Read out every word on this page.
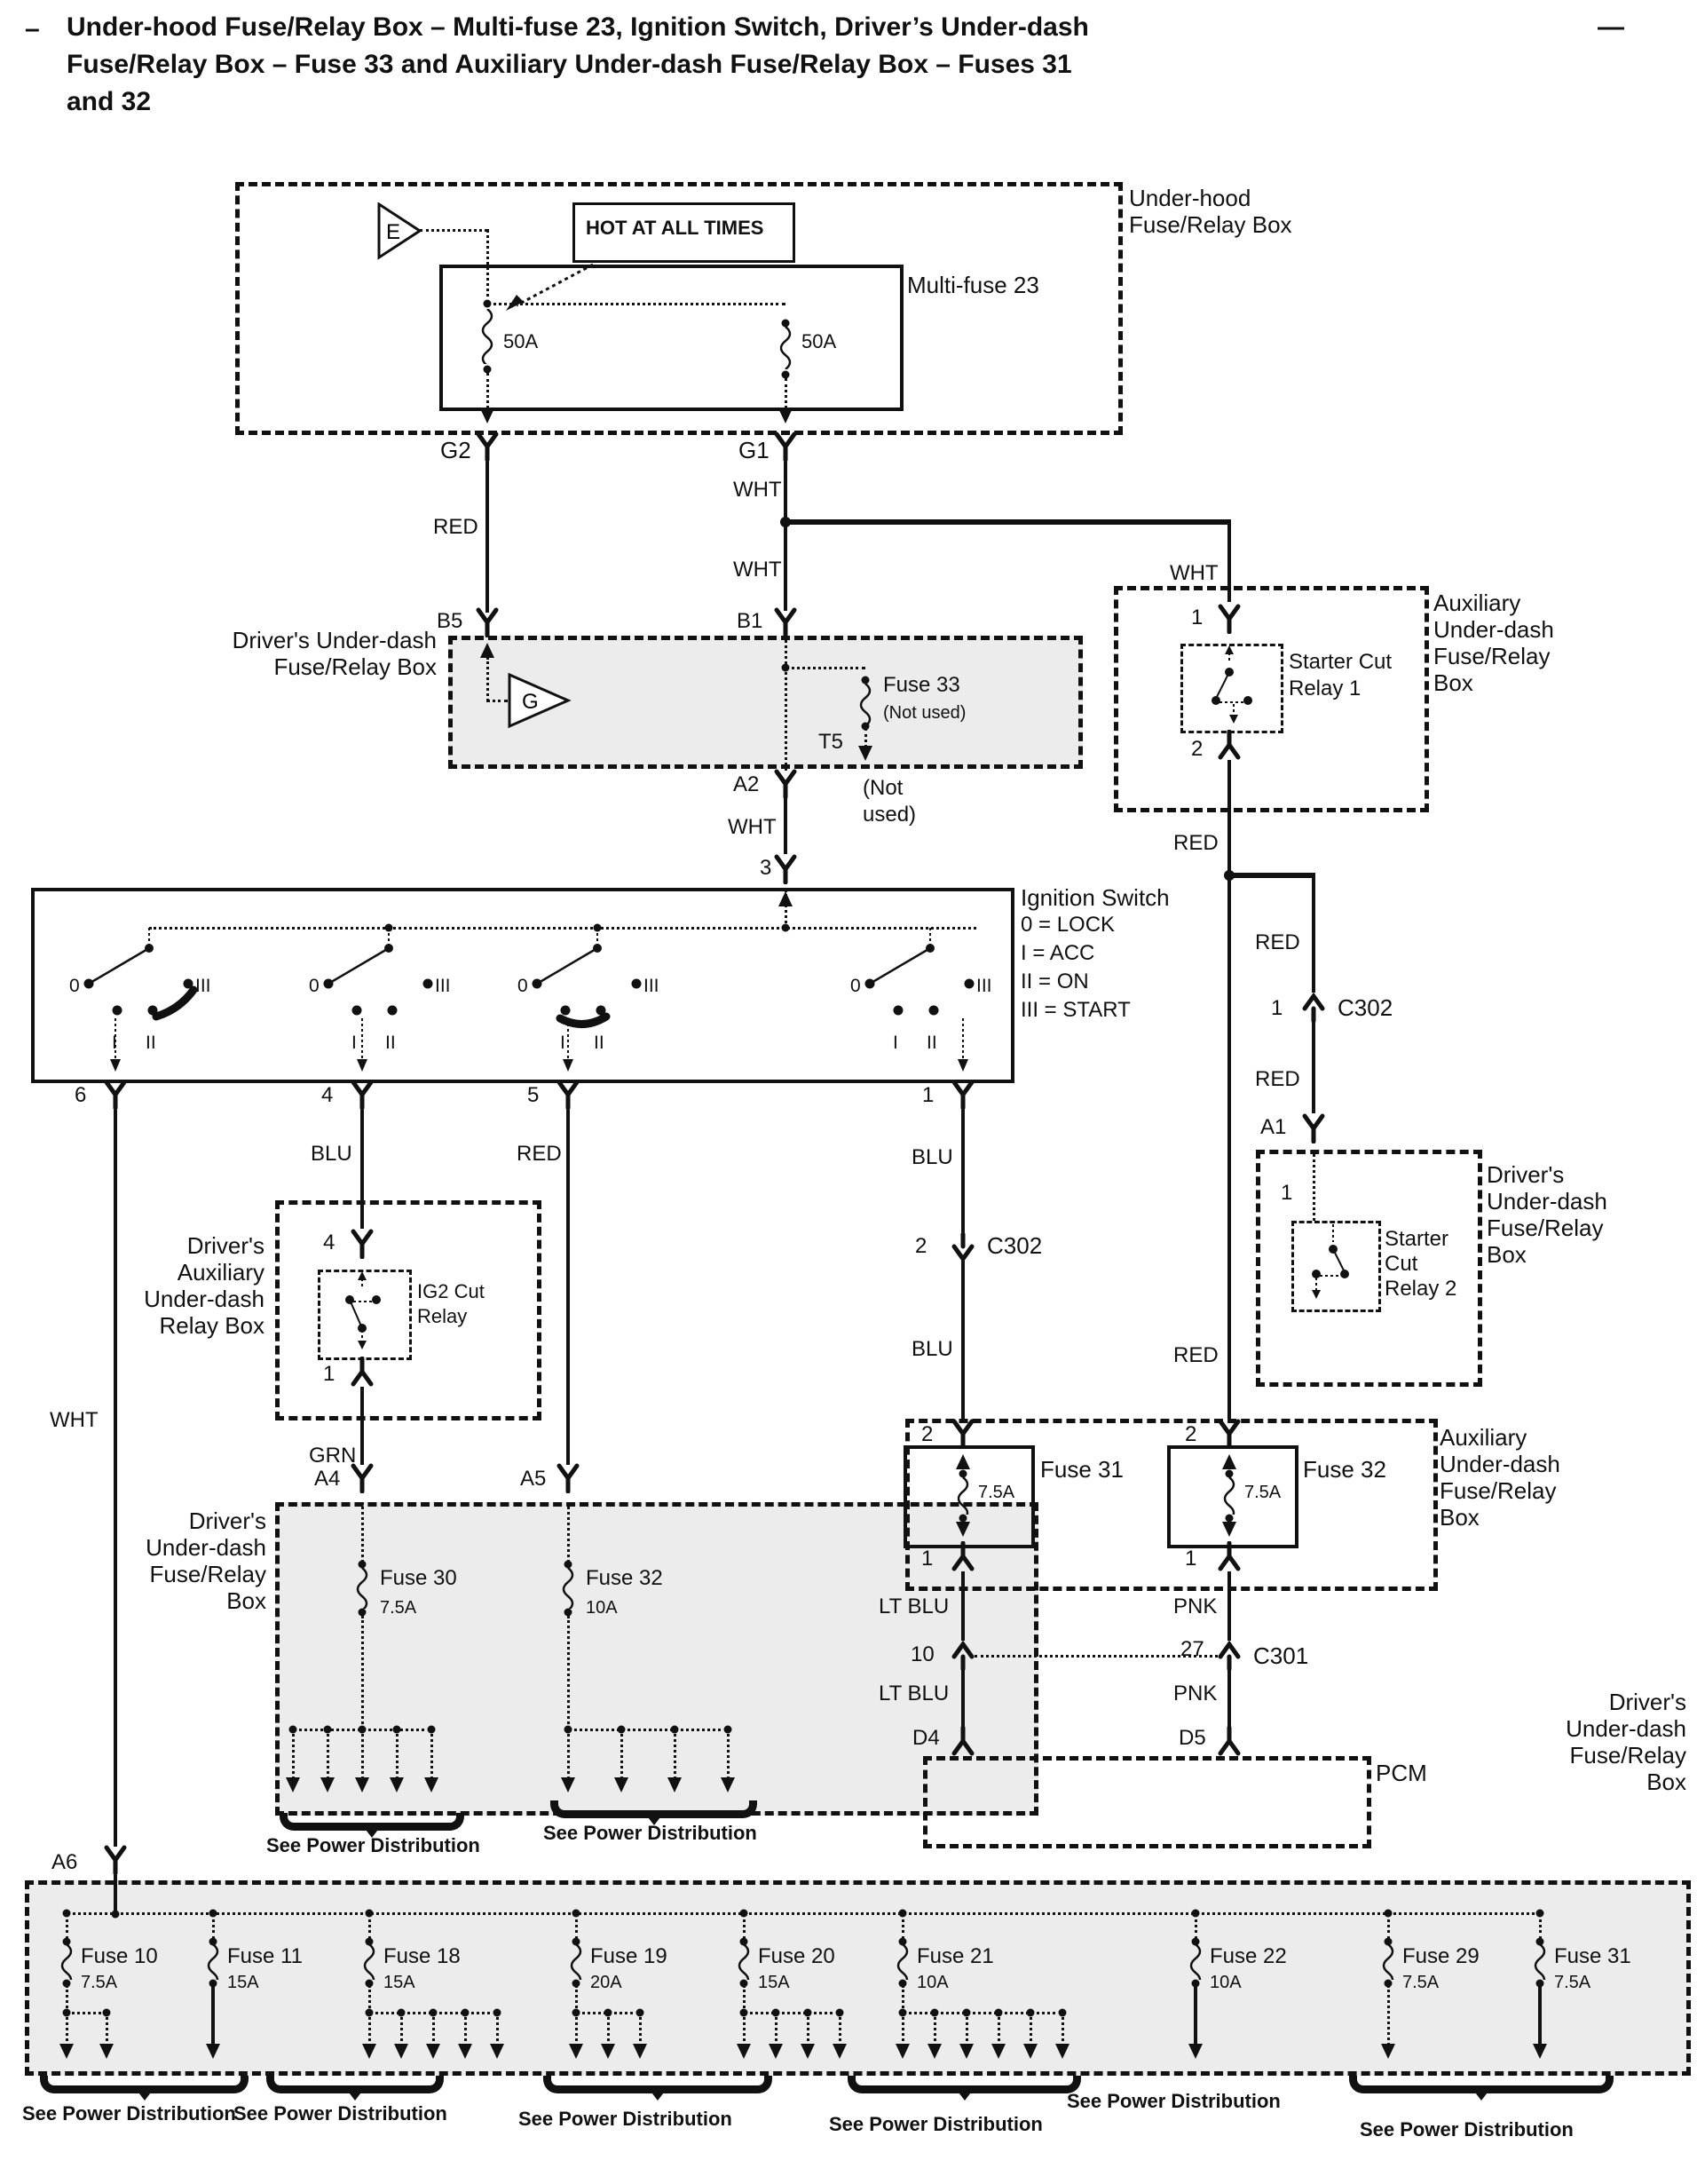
– Under-hood Fuse/Relay Box – Multi-fuse 23, Ignition Switch, Driver’s Under-dash	—
Fuse/Relay Box – Fuse 33 and Auxiliary Under-dash Fuse/Relay Box – Fuses 31
and 32
Under-hood
Fuse/Relay Box
Multi-fuse 23
E	HOT AT ALL TIMES
50A	50A
G2	G1
RED
WHT
WHT
B5	B1
WHT
Driver's Under-dash
Fuse/Relay Box
G
Fuse 33
(Not used)
T5
A2	(Not
used)
WHT
3
Auxiliary
Under-dash
Fuse/Relay
Box
1
Starter Cut
Relay 1
2
RED
RED
RED
1 C302
RED
A1
Driver's
Under-dash
Fuse/Relay
Box
1
Starter
Cut
Relay 2
Ignition Switch
0 = LOCK
I = ACC
II = ON
III = START
WHT
A6
BLU
Driver's
Auxiliary
Under-dash
Relay Box
4
IG2 Cut
Relay
1
GRN
A4
RED
A5
BLU
2	C302
BLU
Auxiliary
Under-dash
Fuse/Relay
Box
2
7.5A
Fuse 31
1
2
7.5A
Fuse 32
1
LT BLU	PNK
10	27 C301
LT BLU	PNK
D4	D5
PCM
Driver's
Under-dash
Fuse/Relay
Box
Fuse 30
7.5A
Fuse 32
10A
See Power Distribution
See Power Distribution
Driver's
Under-dash
Fuse/Relay
Box
0
I II
III
6
0
I II
III
4
0
I II
III
5
0
I II
III
1
Fuse 10
7.5A
Fuse 11
15A
Fuse 18
15A
Fuse 19
20A
Fuse 20
15A
Fuse 21
10A
Fuse 22
10A
Fuse 29
7.5A
Fuse 31
7.5A
See Power Distribution
See Power Distribution	See Power Distribution	See Power Distribution
See Power Distribution
See Power Distribution
